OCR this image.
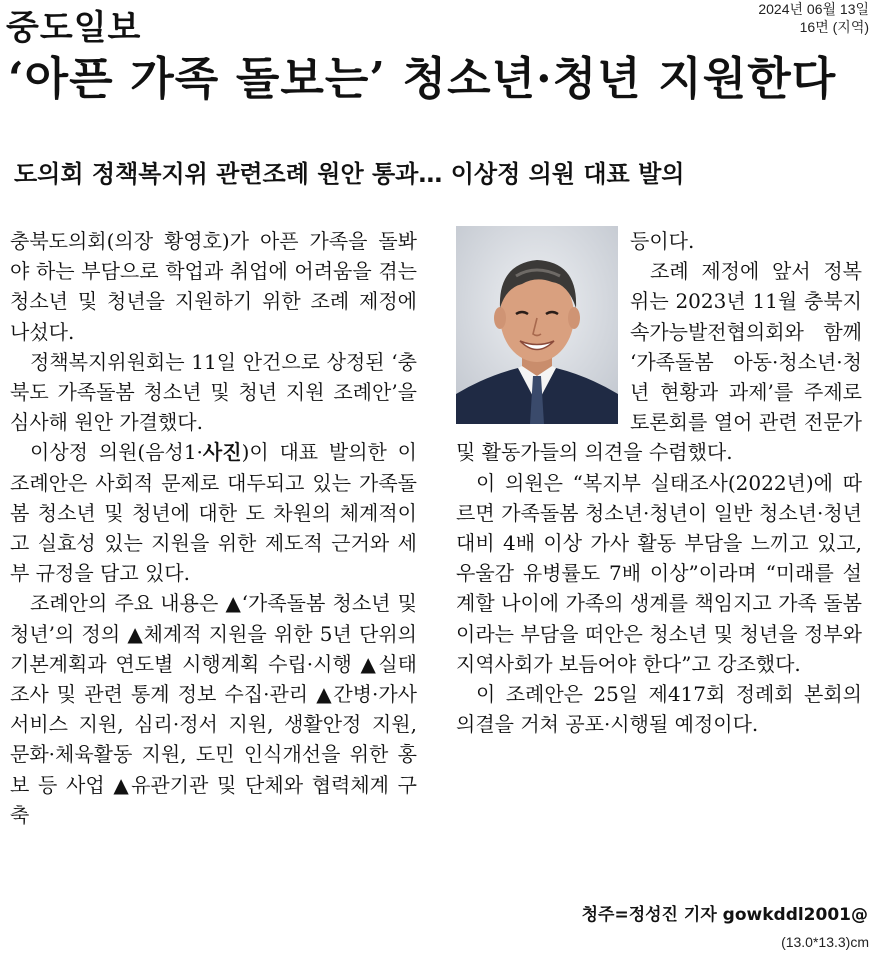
중도일보	2024년 06월 13일
16면 (지역)
‘아픈 가족 돌보는’ 청소년·청년 지원한다
도의회 정책복지위 관련조례 원안 통과… 이상정 의원 대표 발의

충북도의회(의장 황영호)가 아픈 가족을 돌봐야 하는 부담으로 학업과 취업에 어려움을 겪는 청소년 및 청년을 지원하기 위한 조례 제정에 나섰다.

정책복지위원회는 11일 안건으로 상정된 ‘충북도 가족돌봄 청소년 및 청년 지원 조례안’을 심사해 원안 가결했다.

이상정 의원(음성1·사진)이 대표 발의한 이 조례안은 사회적 문제로 대두되고 있는 가족돌봄 청소년 및 청년에 대한 도 차원의 체계적이고 실효성 있는 지원을 위한 제도적 근거와 세부 규정을 담고 있다.

조례안의 주요 내용은 ▲‘가족돌봄 청소년 및 청년’의 정의 ▲체계적 지원을 위한 5년 단위의 기본계획과 연도별 시행계획 수립·시행 ▲실태조사 및 관련 통계 정보 수집·관리 ▲간병·가사 서비스 지원, 심리·정서 지원, 생활안정 지원, 문화·체육활동 지원, 도민 인식개선을 위한 홍보 등 사업 ▲유관기관 및 단체와 협력체계 구축

등이다.

조례 제정에 앞서 정복위는 2023년 11월 충북지속가능발전협의회와 함께 ‘가족돌봄 아동·청소년·청년 현황과 과제’를 주제로 토론회를 열어 관련 전문가 및 활동가들의 의견을 수렴했다.

이 의원은 “복지부 실태조사(2022년)에 따르면 가족돌봄 청소년·청년이 일반 청소년·청년 대비 4배 이상 가사 활동 부담을 느끼고 있고, 우울감 유병률도 7배 이상”이라며 “미래를 설계할 나이에 가족의 생계를 책임지고 가족 돌봄이라는 부담을 떠안은 청소년 및 청년을 정부와 지역사회가 보듬어야 한다”고 강조했다.

이 조례안은 25일 제417회 정례회 본회의 의결을 거쳐 공포·시행될 예정이다.

청주=정성진 기자 gowkddl2001@
(13.0*13.3)cm
